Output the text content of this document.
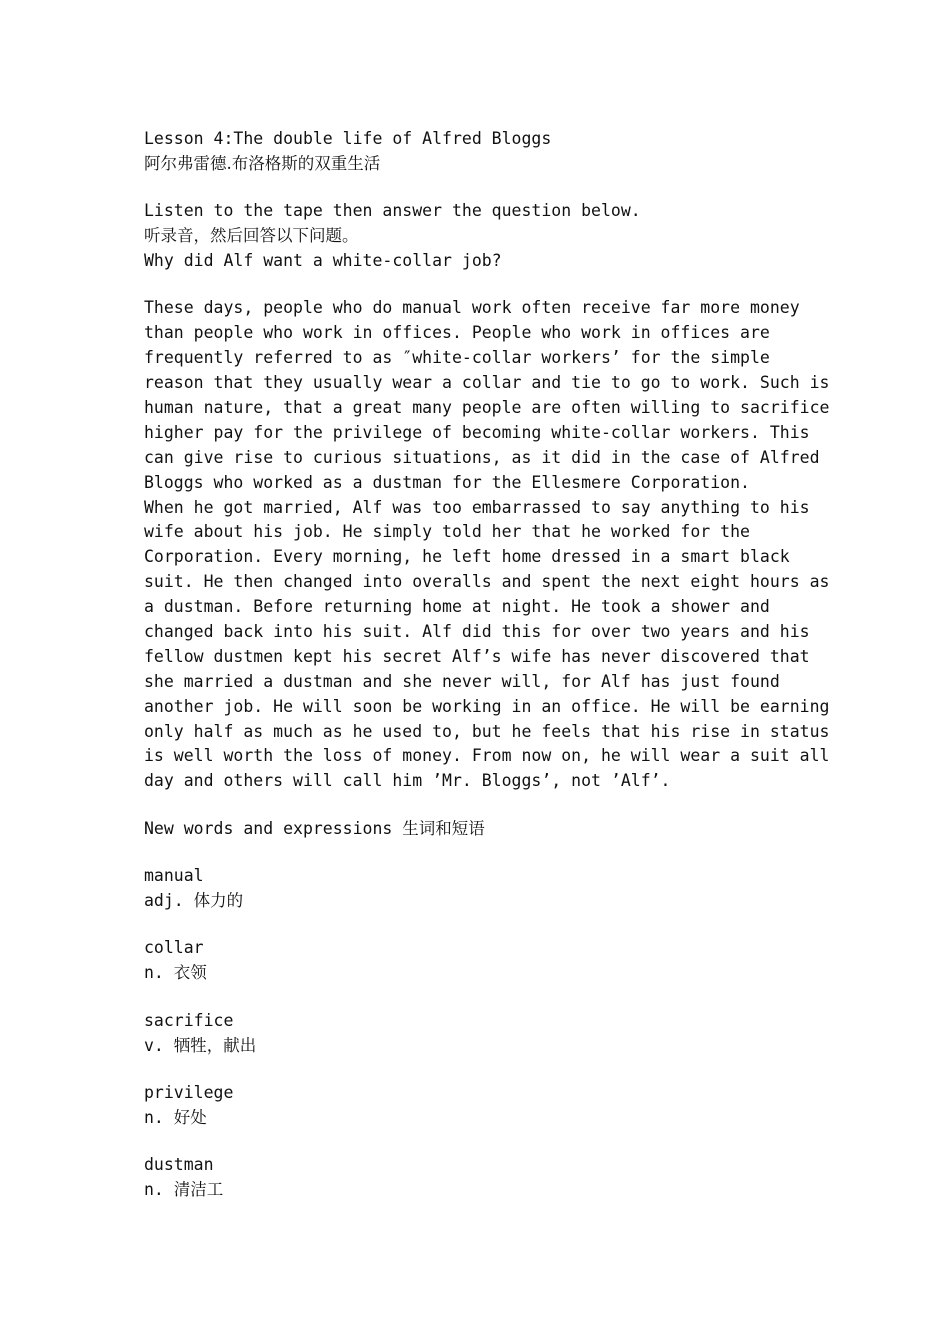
Lesson 4:The double life of Alfred Bloggs
阿尔弗雷德.布洛格斯的双重生活
Listen to the tape then answer the question below.
听录音，然后回答以下问题。
Why did Alf want a white-collar job?
These days, people who do manual work often receive far more money
than people who work in offices. People who work in offices are
frequently referred to as ″white-collar workers’ for the simple
reason that they usually wear a collar and tie to go to work. Such is
human nature, that a great many people are often willing to sacrifice
higher pay for the privilege of becoming white-collar workers. This
can give rise to curious situations, as it did in the case of Alfred
Bloggs who worked as a dustman for the Ellesmere Corporation.
When he got married, Alf was too embarrassed to say anything to his
wife about his job. He simply told her that he worked for the
Corporation. Every morning, he left home dressed in a smart black
suit. He then changed into overalls and spent the next eight hours as
a dustman. Before returning home at night. He took a shower and
changed back into his suit. Alf did this for over two years and his
fellow dustmen kept his secret Alf’s wife has never discovered that
she married a dustman and she never will, for Alf has just found
another job. He will soon be working in an office. He will be earning
only half as much as he used to, but he feels that his rise in status
is well worth the loss of money. From now on, he will wear a suit all
day and others will call him ’Mr. Bloggs’, not ’Alf’.
New words and expressions 生词和短语
manual
adj. 体力的
collar
n. 衣领
sacrifice
v. 牺牲，献出
privilege
n. 好处
dustman
n. 清洁工
